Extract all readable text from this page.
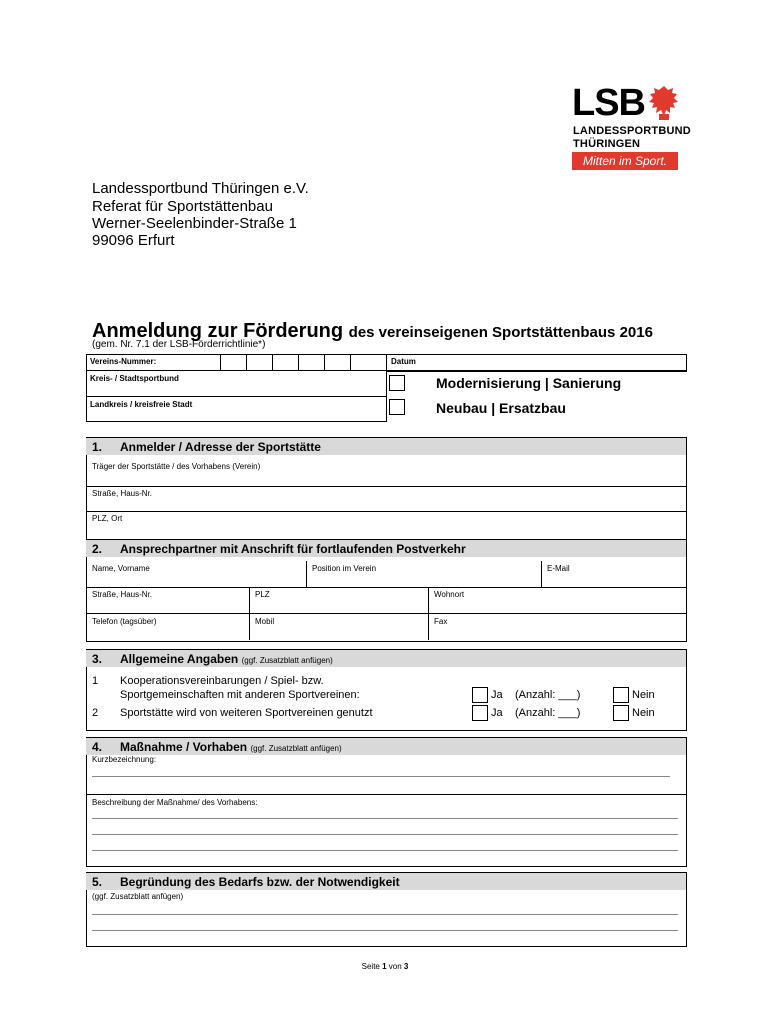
LSB
LANDESSPORTBUND
THÜRINGEN
Mitten im Sport.
Landessportbund Thüringen e.V.
Referat für Sportstättenbau
Werner-Seelenbinder-Straße 1
99096 Erfurt
Anmeldung zur Förderung des vereinseigenen Sportstättenbaus 2016
(gem. Nr. 7.1 der LSB-Förderrichtlinie*)
Vereins-Nummer:	Datum
Kreis- / Stadtsportbund
Landkreis / kreisfreie Stadt
Modernisierung | Sanierung
Neubau | Ersatzbau
1. Anmelder / Adresse der Sportstätte
Träger der Sportstätte / des Vorhabens (Verein)
Straße, Haus-Nr.
PLZ, Ort
2. Ansprechpartner mit Anschrift für fortlaufenden Postverkehr
Name, Vorname	Position im Verein	E-Mail
Straße, Haus-Nr.	PLZ	Wohnort
Telefon (tagsüber)	Mobil	Fax
3. Allgemeine Angaben (ggf. Zusatzblatt anfügen)
1 Kooperationsvereinbarungen / Spiel- bzw.
Sportgemeinschaften mit anderen Sportvereinen:	Ja (Anzahl: ___)	Nein
2 Sportstätte wird von weiteren Sportvereinen genutzt	Ja (Anzahl: ___)	Nein
4. Maßnahme / Vorhaben (ggf. Zusatzblatt anfügen)
Kurzbezeichnung:
Beschreibung der Maßnahme/ des Vorhabens:
5. Begründung des Bedarfs bzw. der Notwendigkeit
(ggf. Zusatzblatt anfügen)
Seite 1 von 3
